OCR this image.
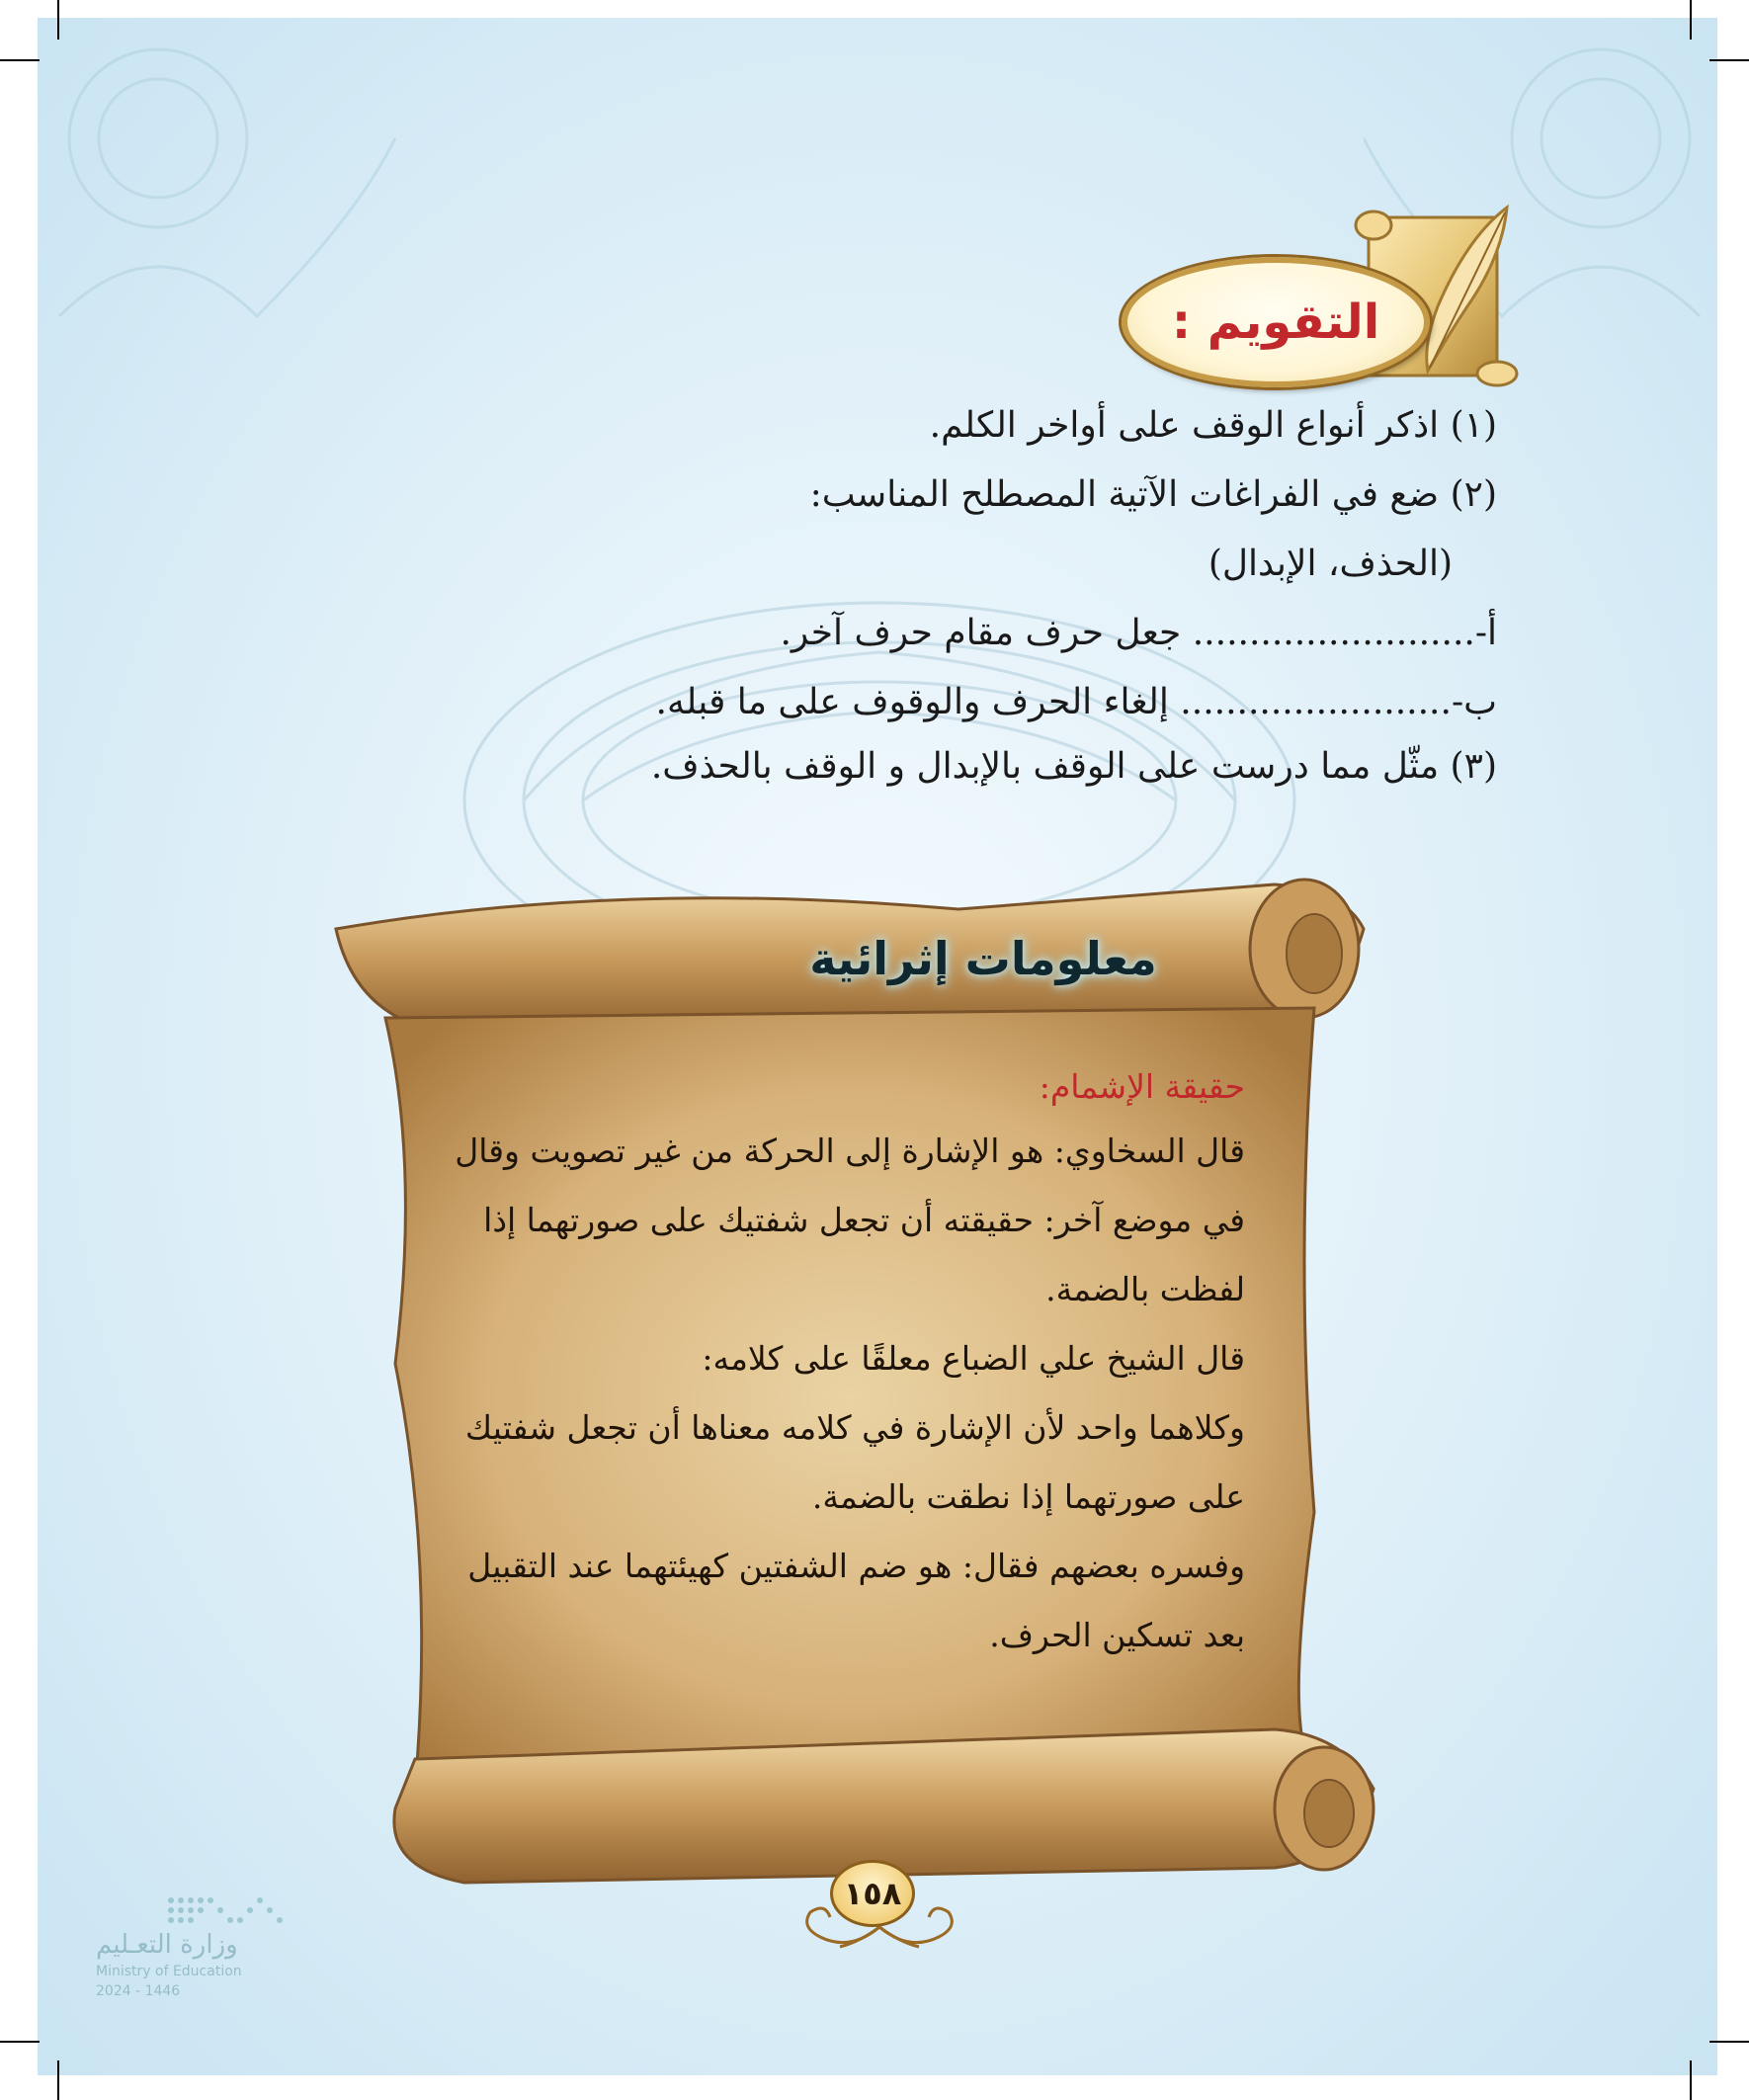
التقويم :
(١) اذكر أنواع الوقف على أواخر الكلم.
(٢) ضع في الفراغات الآتية المصطلح المناسب:
(الحذف، الإبدال)
أ-......................... جعل حرف مقام حرف آخر.
ب-........................ إلغاء الحرف والوقوف على ما قبله.
(٣) مثّل مما درست على الوقف بالإبدال و الوقف بالحذف.
معلومات إثرائية
حقيقة الإشمام:
قال السخاوي: هو الإشارة إلى الحركة من غير تصويت وقال
في موضع آخر: حقيقته أن تجعل شفتيك على صورتهما إذا
لفظت بالضمة.
قال الشيخ علي الضباع معلقًا على كلامه:
وكلاهما واحد لأن الإشارة في كلامه معناها أن تجعل شفتيك
على صورتهما إذا نطقت بالضمة.
وفسره بعضهم فقال: هو ضم الشفتين كهيئتهما عند التقبيل
بعد تسكين الحرف.
١٥٨
وزارة التعـليم
Ministry of Education
2024 - 1446
